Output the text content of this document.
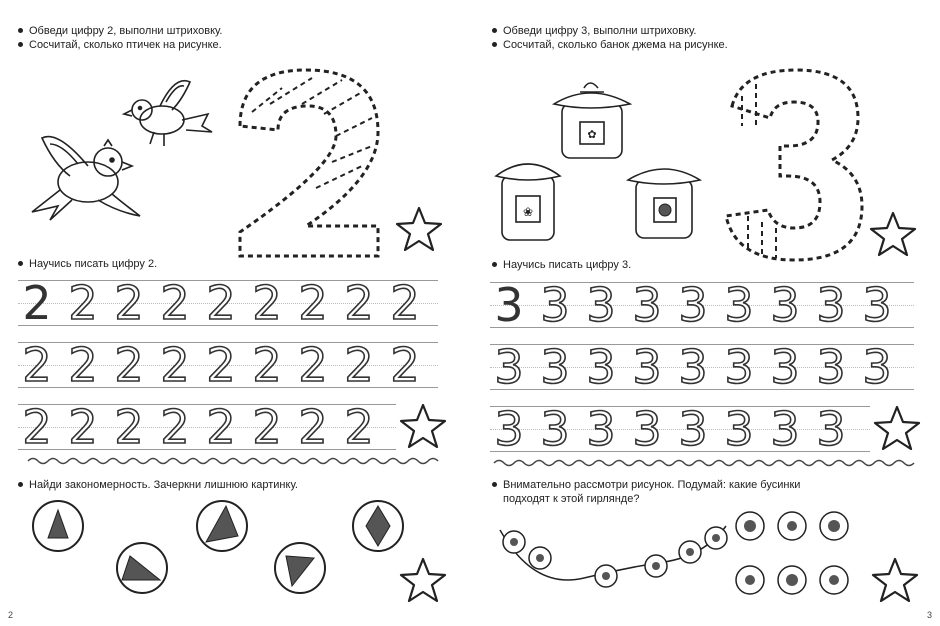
Обведи цифру 2, выполни штриховку.
Сосчитай, сколько птичек на рисунке.
Научись писать цифру 2.
2 2 2 2 2 2 2 2 2
2 2 2 2 2 2 2 2 2
2 2 2 2 2 2 2 2
Найди закономерность. Зачеркни лишнюю картинку.
2
Обведи цифру 3, выполни штриховку.
Сосчитай, сколько банок джема на рисунке.
✿
❀
Научись писать цифру 3.
3 3 3 3 3 3 3 3 3
3 3 3 3 3 3 3 3 3
3 3 3 3 3 3 3 3
Внимательно рассмотри рисунок. Подумай: какие бусинки
подходят к этой гирлянде?
3
